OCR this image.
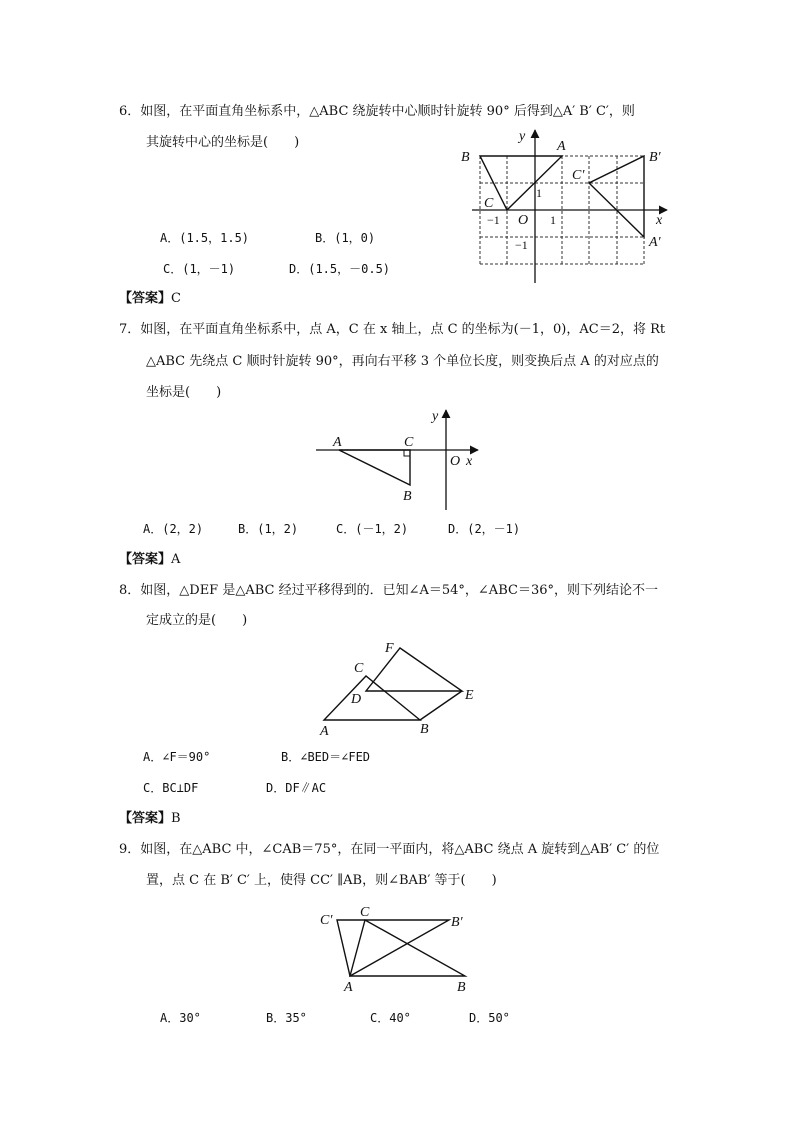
6．如图，在平面直角坐标系中，△ABC 绕旋转中心顺时针旋转 90° 后得到△A′ B′ C′，则
其旋转中心的坐标是(　　)
A．(1.5，1.5)	B．(1，0)
C．(1，－1)	D．(1.5，－0.5)
【答案】C
y
x
B
A
C
B′
C′
A′
O
−1	1
1
−1
7．如图，在平面直角坐标系中，点 A，C 在 x 轴上，点 C 的坐标为(－1，0)，AC＝2，将 Rt
△ABC 先绕点 C 顺时针旋转 90°，再向右平移 3 个单位长度，则变换后点 A 的对应点的
坐标是(　　)
y
A	C
O x
B
A．(2，2)	B．(1，2)	C．(－1，2)	D．(2，－1)
【答案】A
8．如图，△DEF 是△ABC 经过平移得到的．已知∠A＝54°，∠ABC＝36°，则下列结论不一
定成立的是(　　)
F
C
D	E
A	B
A．∠F＝90°	B．∠BED＝∠FED
C．BC⊥DF	D．DF∥AC
【答案】B
9．如图，在△ABC 中，∠CAB＝75°，在同一平面内，将△ABC 绕点 A 旋转到△AB′ C′ 的位
置，点 C 在 B′ C′ 上，使得 CC′ ∥AB，则∠BAB′ 等于(　　)
C′
C
B′
A	B
A．30°	B．35°	C．40°	D．50°
